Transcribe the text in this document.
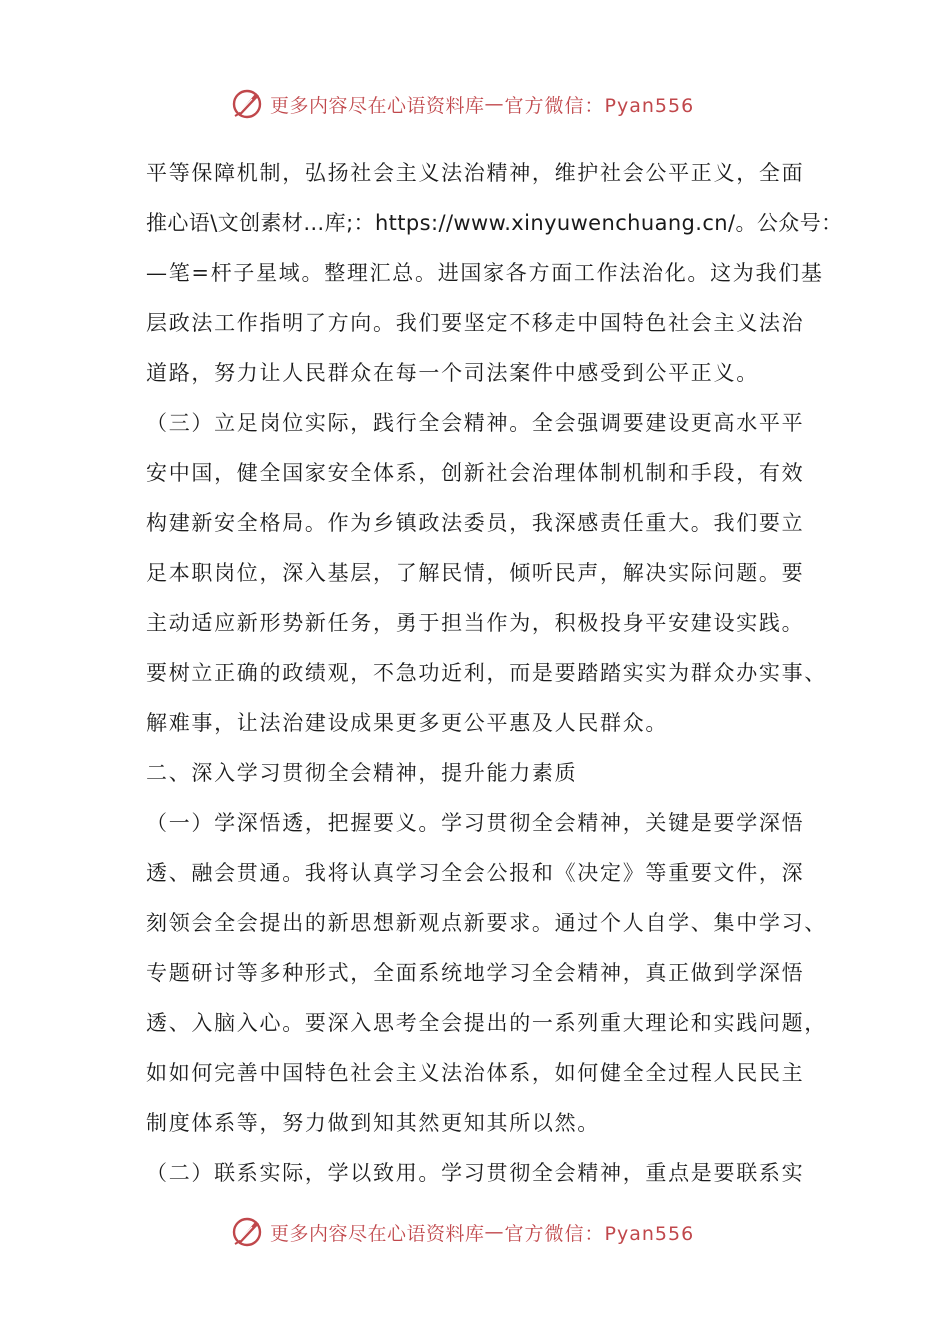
更多内容尽在心语资料库 — 官方微信：Pyan556
平等保障机制，弘扬社会主义法治精神，维护社会公平正义，全面
推心语\文创素材…库;：https://www.xinyuwenchuang.cn/。公众号：
—笔=杆子星域。整理汇总。进国家各方面工作法治化。这为我们基
层政法工作指明了方向。我们要坚定不移走中国特色社会主义法治
道路，努力让人民群众在每一个司法案件中感受到公平正义。
（三）立足岗位实际，践行全会精神。全会强调要建设更高水平平
安中国，健全国家安全体系，创新社会治理体制机制和手段，有效
构建新安全格局。作为乡镇政法委员，我深感责任重大。我们要立
足本职岗位，深入基层，了解民情，倾听民声，解决实际问题。要
主动适应新形势新任务，勇于担当作为，积极投身平安建设实践。
要树立正确的政绩观，不急功近利，而是要踏踏实实为群众办实事、
解难事，让法治建设成果更多更公平惠及人民群众。
二、深入学习贯彻全会精神，提升能力素质
（一）学深悟透，把握要义。学习贯彻全会精神，关键是要学深悟
透、融会贯通。我将认真学习全会公报和《决定》等重要文件，深
刻领会全会提出的新思想新观点新要求。通过个人自学、集中学习、
专题研讨等多种形式，全面系统地学习全会精神，真正做到学深悟
透、入脑入心。要深入思考全会提出的一系列重大理论和实践问题，
如如何完善中国特色社会主义法治体系，如何健全全过程人民民主
制度体系等，努力做到知其然更知其所以然。
（二）联系实际，学以致用。学习贯彻全会精神，重点是要联系实
更多内容尽在心语资料库 — 官方微信：Pyan556
